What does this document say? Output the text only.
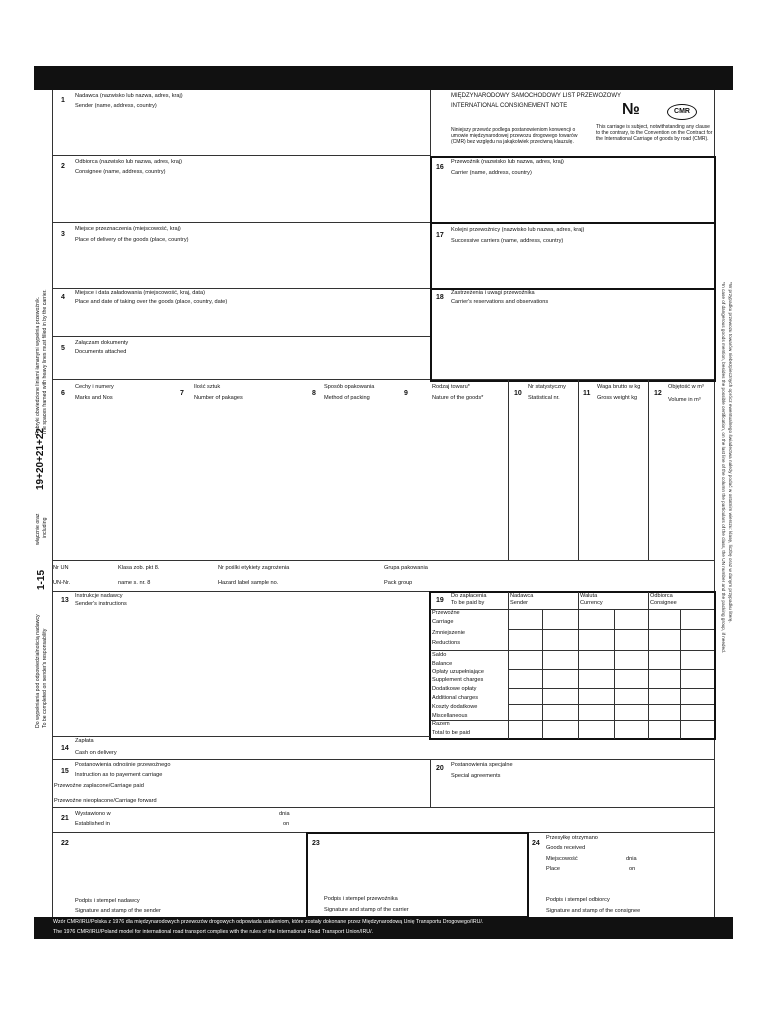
1-15
włącznie oraz including
19+20+21+22
Rubryki obwiedzione liniami łamanymi wypełnia przewoźnik. The spaces framed with heavy lines must filled in by the carrier.
Do wypełniania pod odpowiedzialnością nadawcy To be completed on sender's responsability
*W przypadku przewozu towarów niebezpiecznych oprócz ewentualnego świadectwa należy podać w ostatnim wierszu: klasę, liczbę oraz w danym przypadku literę.
*In case of dangerous goods mention, besides the possible certification, on the last line of the column the particulars of the class, the UN number and the packing group, if needed.
1
Nadawca (nazwisko lub nazwa, adres, kraj)
Sender (name, address, country)
MIĘDZYNARODOWY SAMOCHODOWY LIST PRZEWOZOWY
INTERNATIONAL CONSIGNEMENT NOTE	№	CMR
Niniejszy przewóz podlega postanowieniom konwencji o umowie międzynarodowej przewozu drogowego towarów (CMR) bez względu na jakąkolwiek przeciwną klauzulę.
This carriage is subject, notwithstanding any clause to the contrary, to the Convention on the Contract for the International Carriage of goods by road (CMR).
2
Odbiorca (nazwisko lub nazwa, adres, kraj)
Consignee (name, address, country)
3
Miejsce przeznaczenia (miejscowość, kraj)
Place of delivery of the goods (place, country)
4
Miejsce i data załadowania (miejscowość, kraj, data)
Place and date of taking over the goods (place, country, date)
5
Załączam dokumenty
Documents attached
16
Przewoźnik (nazwisko lub nazwa, adres, kraj)
Carrier (name, address, country)
17
Kolejni przewoźnicy (nazwisko lub nazwa, adres, kraj)
Successive carriers (name, address, country)
18
Zastrzeżenia i uwagi przewoźnika
Carrier's reservations and observations
6
Cechy i numery
Marks and Nos
7
Ilość sztuk
Number of pakages
8
Sposób opakowania
Method of packing
9
Rodzaj towaru*
Nature of the goods*
10
Nr statystyczny
Statistical nr.
11
Waga brutto w kg
Gross weight kg
12
Objętość w m³
Volume in m³
Nr UN	Klasa zob. pkt 8.	Nr poślki etykiety zagrożenia	Grupa pakowania
UN-Nr.	name s. nr. 8	Hazard label sample no.	Pack group
13
Instrukcje nadawcy
Sender's instructions	19
Do zapłacenia
To be paid by
Nadawca
Sender
Waluta
Currency
Odbiorca
Consignee
Przewoźne
Carriage
Zmniejszenie
Reductions
Saldo
Balance
Opłaty uzupełniające
Supplement charges
Dodatkowe opłaty
Additional charges
Koszty dodatkowe
Miscellaneous
Razem
Total to be paid
14
Zapłata
Cash on delivery
15
Postanowienia odnośnie przewoźnego
Instruction as to payement carriage
Przewoźne zapłacone/Carriage paid
Przewoźne nieopłacone/Carriage forward
20 Postanowienia specjalne
Special agreements
21
Wystawiono w
Established in
dnia
on
22
Podpis i stempel nadawcy
Signature and stamp of the sender
23
Podpis i stempel przewoźnika
Signature and stamp of the carrier
24
Przesyłkę otrzymano
Goods received
Miejscowość	dnia
Place	on
Podpis i stempel odbiorcy
Signature and stamp of the consignee
Wzór CMR/IRU/Polska z 1976 dla międzynarodowych przewozów drogowych odpowiada ustaleniom, które zostały dokonane przez Międzynarodową Unię Transportu Drogowego/IRU/.
The 1976 CMR/IRU/Poland model for international road transport complies with the rules of the International Road Transport Union/IRU/.
